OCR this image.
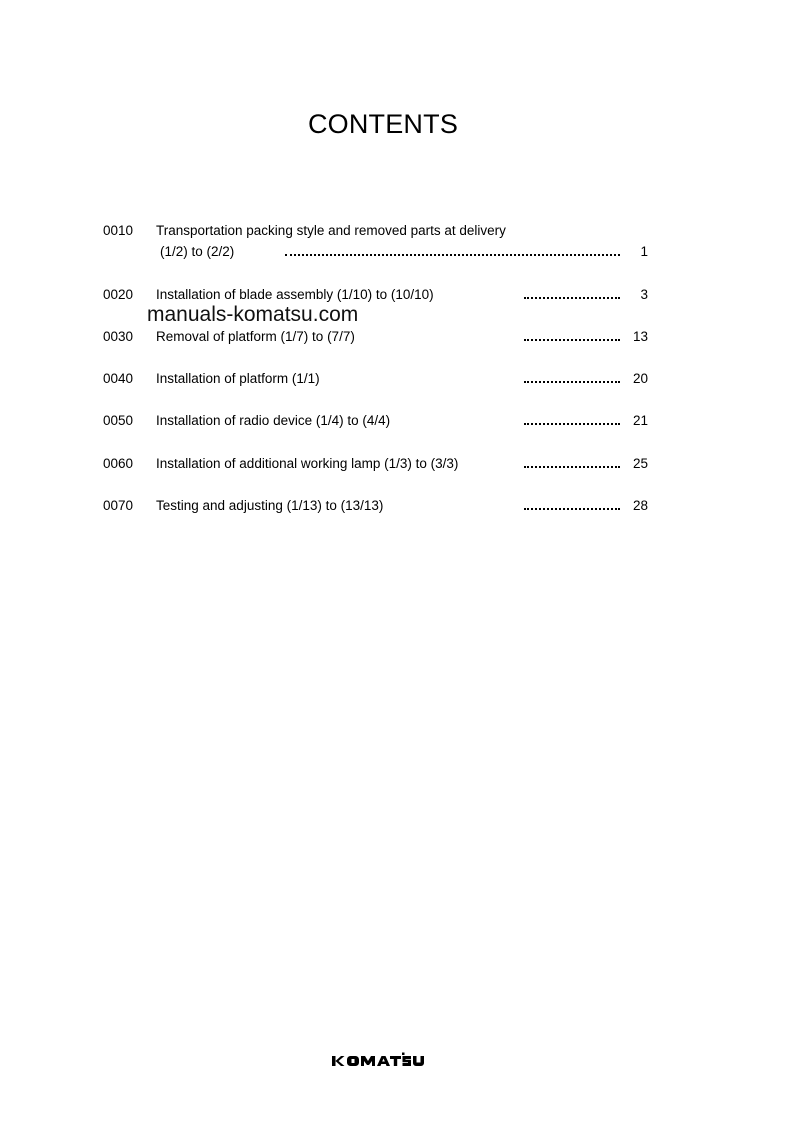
CONTENTS
0010 Transportation packing style and removed parts at delivery
(1/2) to (2/2)	1
0020 Installation of blade assembly (1/10) to (10/10)	3
manuals-komatsu.com
0030 Removal of platform (1/7) to (7/7)	13
0040 Installation of platform (1/1)	20
0050 Installation of radio device (1/4) to (4/4)	21
0060 Installation of additional working lamp (1/3) to (3/3)	25
0070 Testing and adjusting (1/13) to (13/13)	28
